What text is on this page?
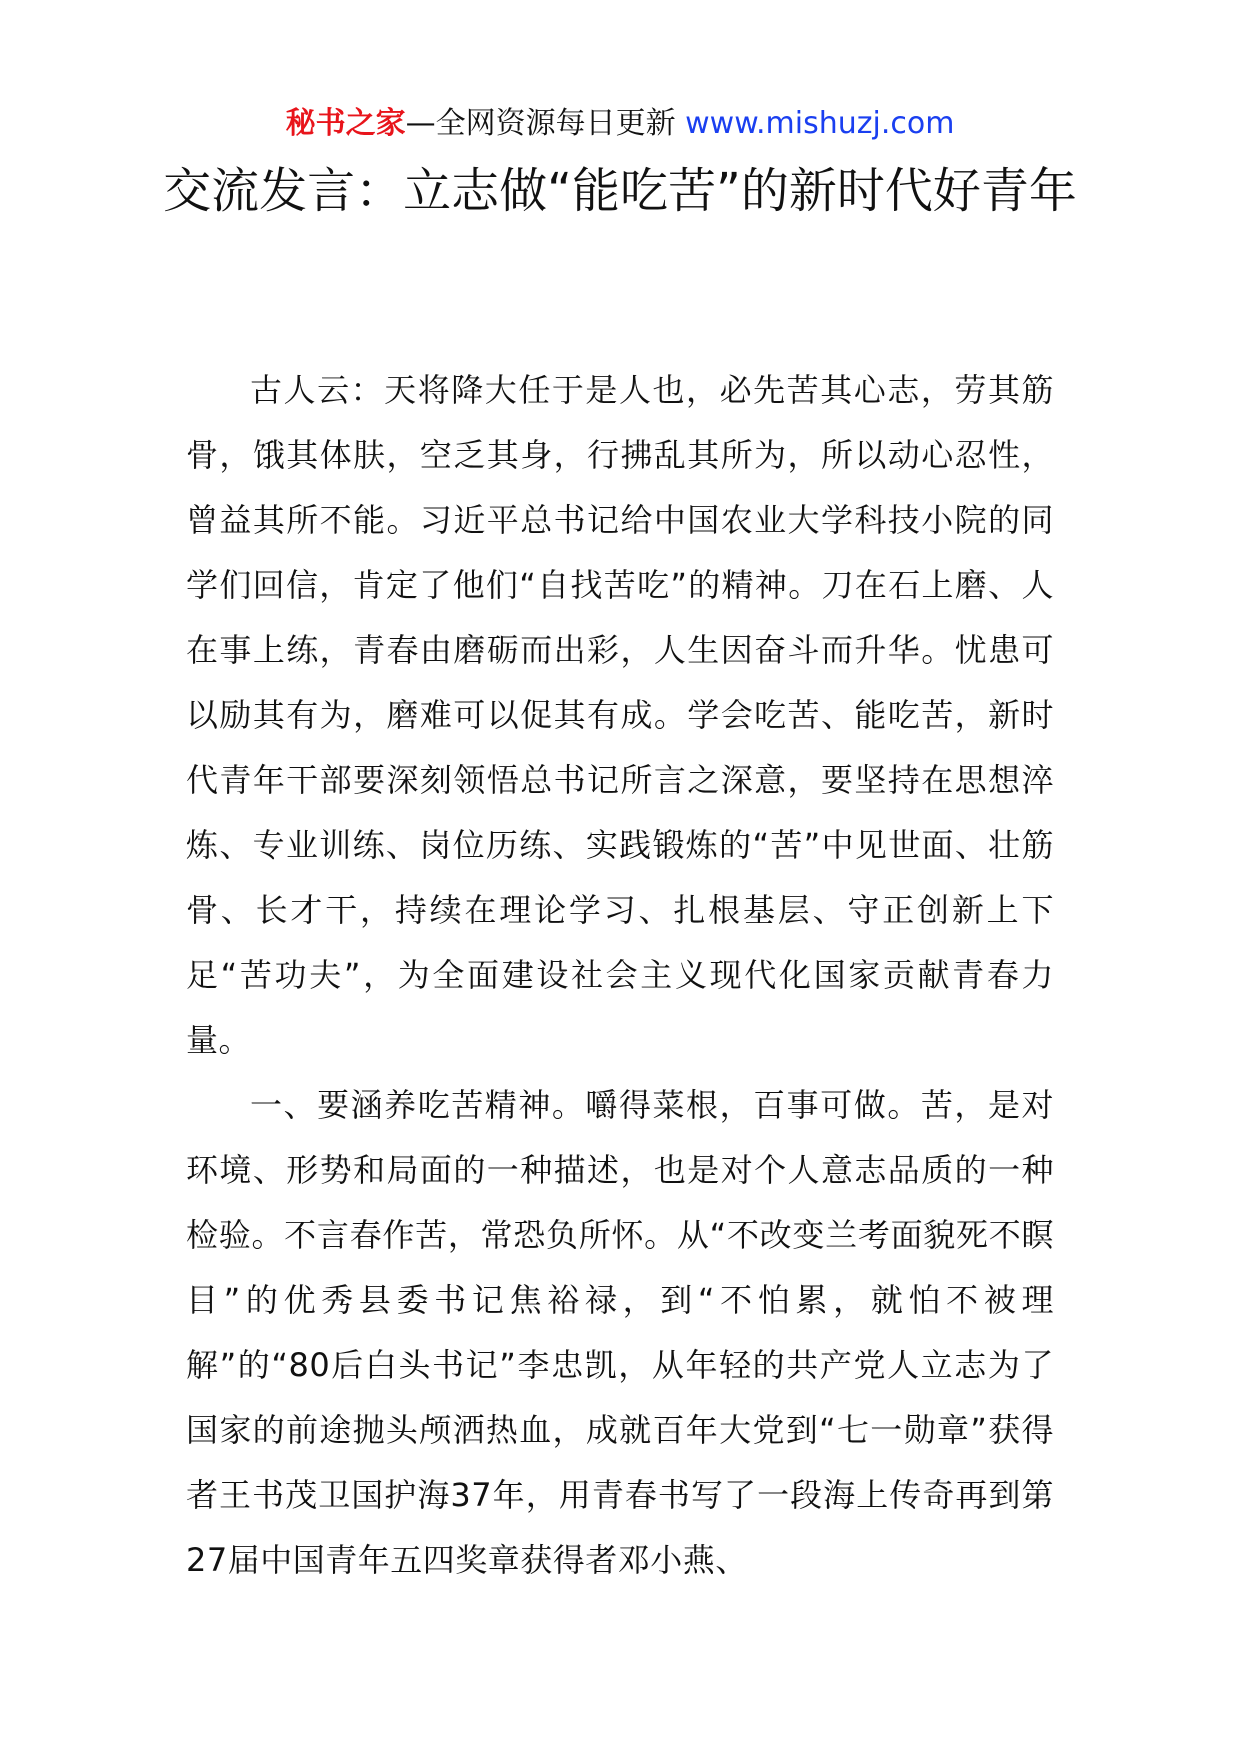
秘书之家—全网资源每日更新 www.mishuzj.com
交流发言：立志做“能吃苦”的新时代好青年

古人云：天将降大任于是人也，必先苦其心志，劳其筋骨，饿其体肤，空乏其身，行拂乱其所为，所以动心忍性，曾益其所不能。习近平总书记给中国农业大学科技小院的同学们回信，肯定了他们“自找苦吃”的精神。刀在石上磨、人在事上练，青春由磨砺而出彩，人生因奋斗而升华。忧患可以励其有为，磨难可以促其有成。学会吃苦、能吃苦，新时代青年干部要深刻领悟总书记所言之深意，要坚持在思想淬炼、专业训练、岗位历练、实践锻炼的“苦”中见世面、壮筋骨、长才干，持续在理论学习、扎根基层、守正创新上下足“苦功夫”，为全面建设社会主义现代化国家贡献青春力量。

一、要涵养吃苦精神。嚼得菜根，百事可做。苦，是对环境、形势和局面的一种描述，也是对个人意志品质的一种检验。不言春作苦，常恐负所怀。从“不改变兰考面貌死不瞑目”的优秀县委书记焦裕禄，到“不怕累，就怕不被理解”的“80后白头书记”李忠凯，从年轻的共产党人立志为了国家的前途抛头颅洒热血，成就百年大党到“七一勋章”获得者王书茂卫国护海37年，用青春书写了一段海上传奇再到第27届中国青年五四奖章获得者邓小燕、
